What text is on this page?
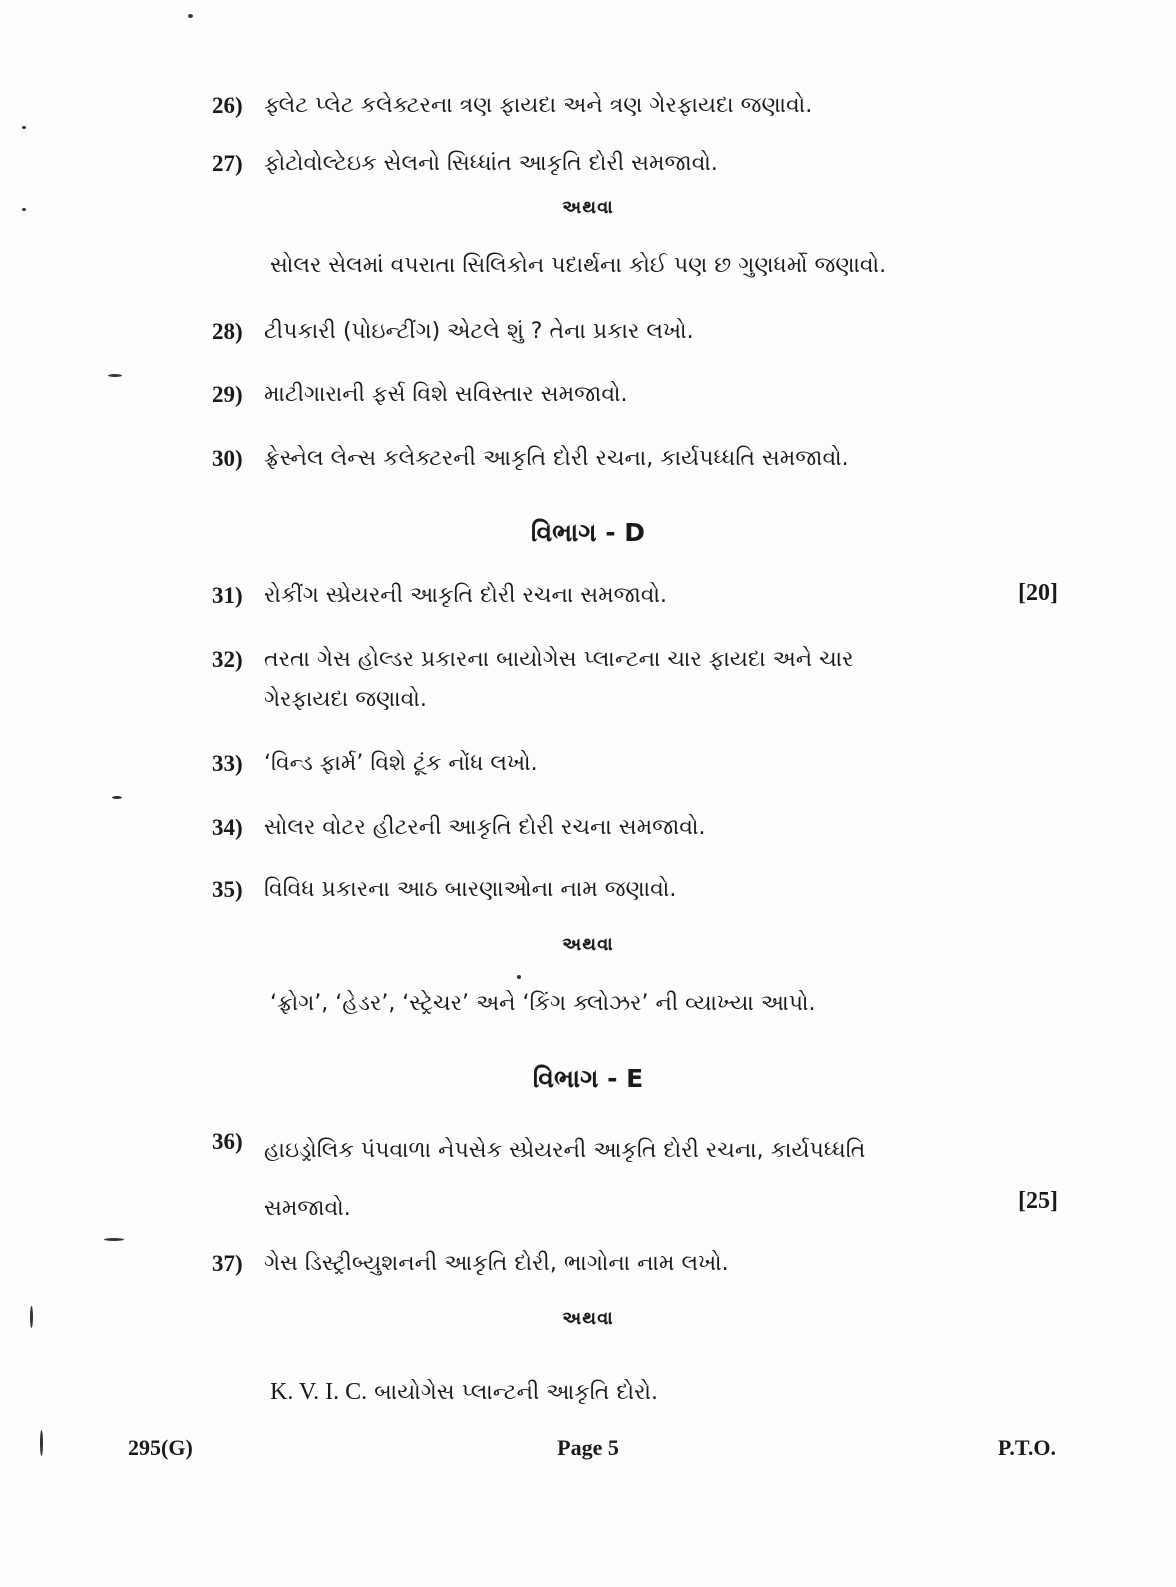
26) ફ્લેટ પ્લેટ કલેક્ટરના ત્રણ ફાયદા અને ત્રણ ગેરફાયદા જણાવો.
27) ફોટોવોલ્ટેઇક સેલનો સિધ્ધાંત આકૃતિ દોરી સમજાવો.
અથવા
સોલર સેલમાં વપરાતા સિલિકોન પદાર્થના કોઈ પણ છ ગુણધર્મો જણાવો.
28) ટીપકારી (પોઇન્ટીંગ) એટલે શું ? તેના પ્રકાર લખો.
29) માટીગારાની ફર્સ વિશે સવિસ્તાર સમજાવો.
30) ફ્રેસ્નેલ લેન્સ કલેક્ટરની આકૃતિ દોરી રચના, કાર્યપધ્ધતિ સમજાવો.
વિભાગ - D
[20]
31) રોકીંગ સ્પ્રેયરની આકૃતિ દોરી રચના સમજાવો.
32) તરતા ગેસ હોલ્ડર પ્રકારના બાયોગેસ પ્લાન્ટના ચાર ફાયદા અને ચાર ગેરફાયદા જણાવો.
33) ‘વિન્ડ ફાર્મ’ વિશે ટૂંક નોંધ લખો.
34) સોલર વોટર હીટરની આકૃતિ દોરી રચના સમજાવો.
35) વિવિધ પ્રકારના આઠ બારણાઓના નામ જણાવો.
અથવા
‘ફ્રોગ’, ‘હેડર’, ‘સ્ટ્રેચર’ અને ‘કિંગ ક્લોઝર’ ની વ્યાખ્યા આપો.
વિભાગ - E
36) હાઇડ્રોલિક પંપવાળા નેપસેક સ્પ્રેયરની આકૃતિ દોરી રચના, કાર્યપધ્ધતિ સમજાવો.	[25]
37) ગેસ ડિસ્ટ્રીબ્યુશનની આકૃતિ દોરી, ભાગોના નામ લખો.
અથવા
K. V. I. C. બાયોગેસ પ્લાન્ટની આકૃતિ દોરો.
295(G)	Page 5	P.T.O.
